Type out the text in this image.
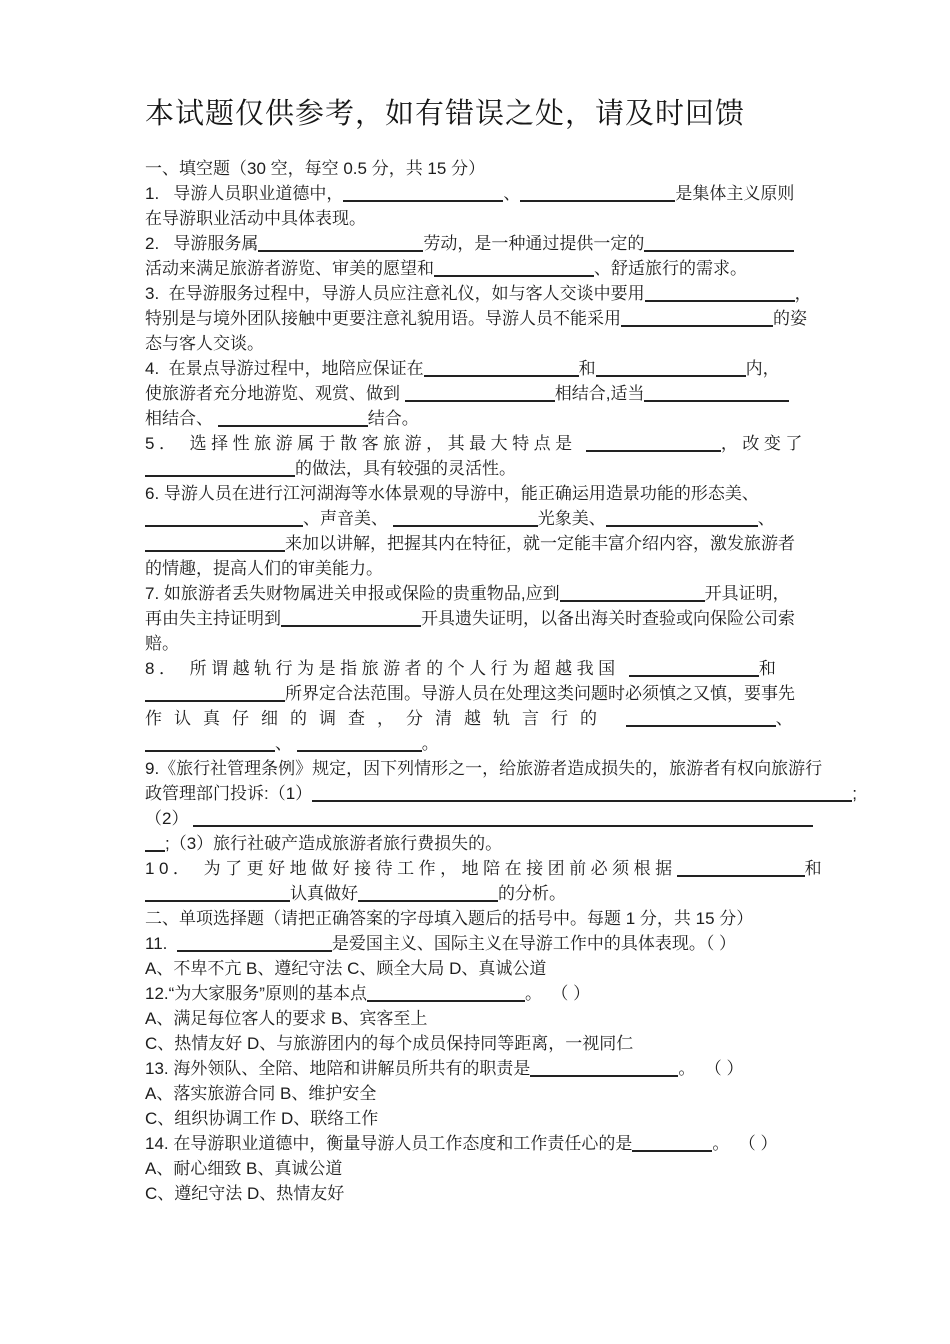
本试题仅供参考，如有错误之处，请及时回馈
一、填空题（30 空，每空 0.5 分，共 15 分）
1.   导游人员职业道德中，	、	是集体主义原则
在导游职业活动中具体表现。
2.   导游服务属	劳动，是一种通过提供一定的
活动来满足旅游者游览、审美的愿望和	、舒适旅行的需求。
3.  在导游服务过程中，导游人员应注意礼仪，如与客人交谈中要用	，
特别是与境外团队接触中更要注意礼貌用语。导游人员不能采用	的姿
态与客人交谈。
4.  在景点导游过程中，地陪应保证在	和	内，
使旅游者充分地游览、观赏、做到	相结合,适当
相结合、	结合。
5． 选择性旅游属于散客旅游，其最大特点是	，改变了
的做法，具有较强的灵活性。
6. 导游人员在进行江河湖海等水体景观的导游中，能正确运用造景功能的形态美、
、声音美、	光象美、	、
来加以讲解，把握其内在特征，就一定能丰富介绍内容，激发旅游者
的情趣，提高人们的审美能力。
7. 如旅游者丢失财物属进关申报或保险的贵重物品,应到	开具证明，
再由失主持证明到	开具遗失证明，以备出海关时查验或向保险公司索
赔。
8． 所谓越轨行为是指旅游者的个人行为超越我国	和
所界定合法范围。导游人员在处理这类问题时必须慎之又慎，要事先
作认真仔细的调查，分清越轨言行的	、
、	。
9.《旅行社管理条例》规定，因下列情形之一，给旅游者造成损失的，旅游者有权向旅游行
政管理部门投诉:（1）	;
（2）
;（3）旅行社破产造成旅游者旅行费损失的。
10． 为了更好地做好接待工作，地陪在接团前必须根据	和
认真做好	的分析。
二、单项选择题（请把正确答案的字母填入题后的括号中。每题 1 分，共 15 分）
11.	是爱国主义、国际主义在导游工作中的具体表现。（ ）
A、不卑不亢 B、遵纪守法 C、顾全大局 D、真诚公道
12.“为大家服务”原则的基本点	。  （ ）
A、满足每位客人的要求 B、宾客至上
C、热情友好 D、与旅游团内的每个成员保持同等距离，一视同仁
13. 海外领队、全陪、地陪和讲解员所共有的职责是	。  （ ）
A、落实旅游合同 B、维护安全
C、组织协调工作 D、联络工作
14. 在导游职业道德中，衡量导游人员工作态度和工作责任心的是	。  （ ）
A、耐心细致 B、真诚公道
C、遵纪守法 D、热情友好
